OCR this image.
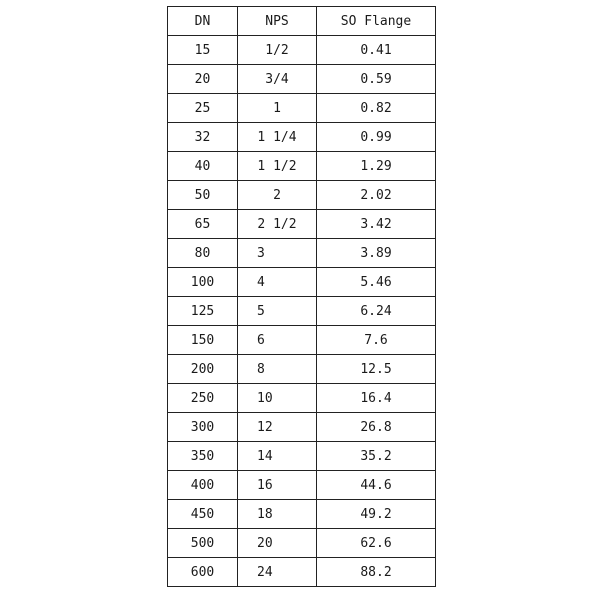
DN	NPS	SO Flange
15	1/2	0.41
20	3/4	0.59
25	1	0.82
32	1 1/4	0.99
40	1 1/2	1.29
50	2	2.02
65	2 1/2	3.42
80	3	3.89
100	4	5.46
125	5	6.24
150	6	7.6
200	8	12.5
250	10	16.4
300	12	26.8
350	14	35.2
400	16	44.6
450	18	49.2
500	20	62.6
600	24	88.2
